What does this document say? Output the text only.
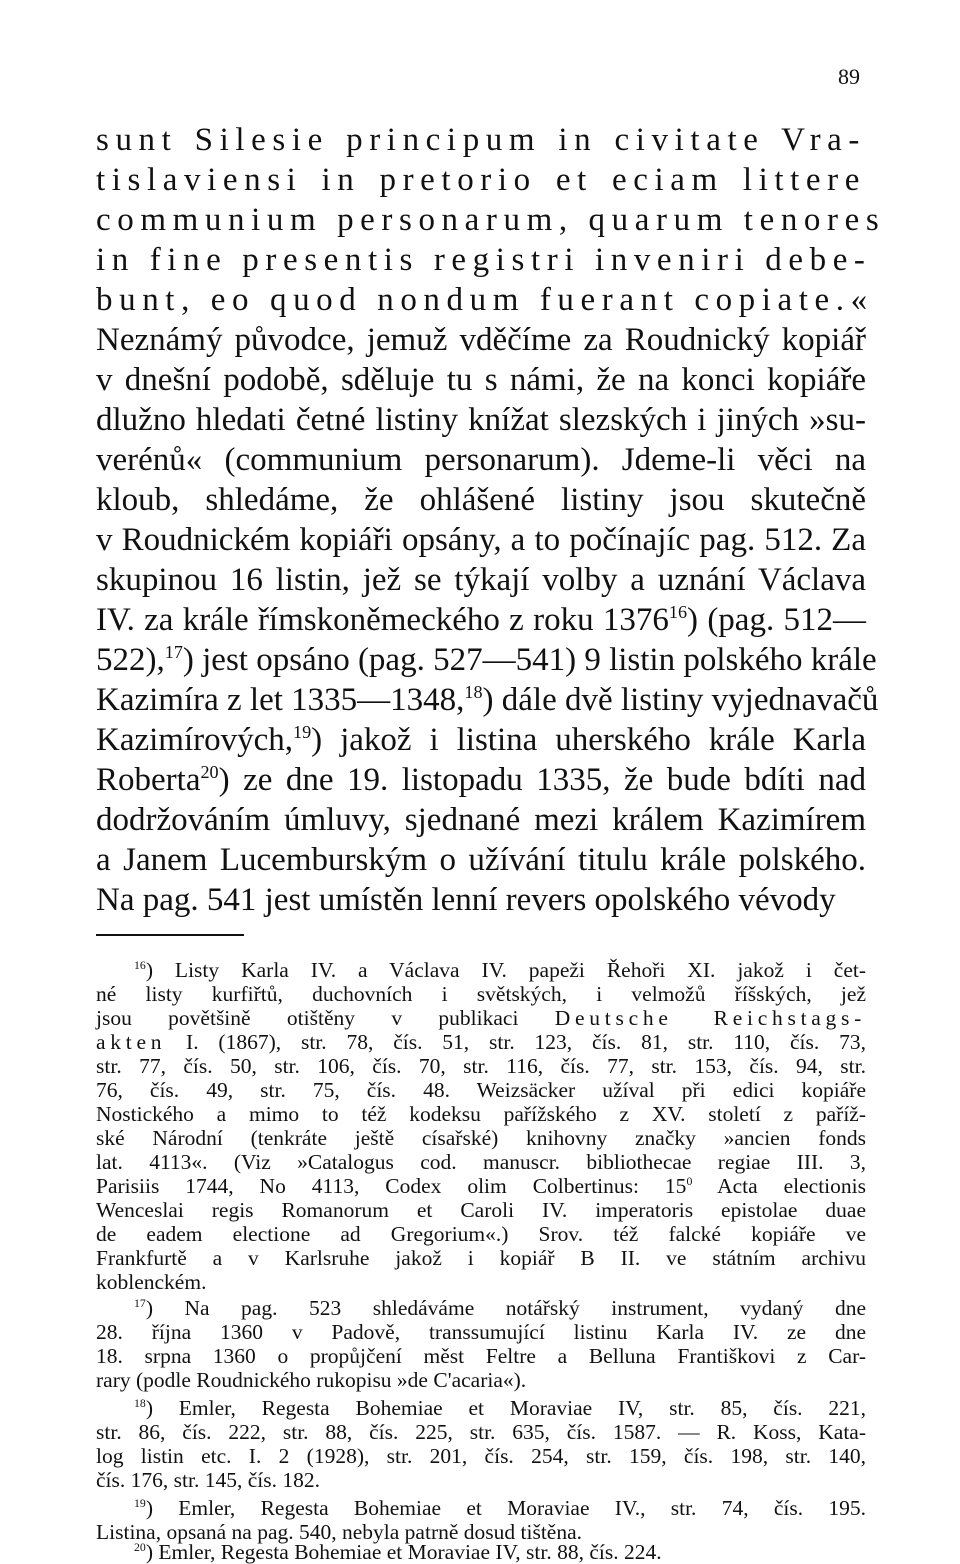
89
sunt Silesie principum in civitate Vra-
tislaviensi in pretorio et eciam littere
communium personarum, quarum tenores
in fine presentis registri inveniri debe-
bunt, eo quod nondum fuerant copiate.«
Neznámý původce, jemuž vděčíme za Roudnický kopiář
v dnešní podobě, sděluje tu s námi, že na konci kopiáře
dlužno hledati četné listiny knížat slezských i jiných »su-
verénů« (communium personarum). Jdeme-li věci na
kloub, shledáme, že ohlášené listiny jsou skutečně
v Roudnickém kopiáři opsány, a to počínajíc pag. 512. Za
skupinou 16 listin, jež se týkají volby a uznání Václava
IV. za krále římskoněmeckého z roku 1376$^{16}$) (pag. 512—
522),$^{17}$) jest opsáno (pag. 527—541) 9 listin polského krále
Kazimíra z let 1335—1348,18) dále dvě listiny vyjednavačů
Kazimírových,$^{19}$) jakož i listina uherského krále Karla
Roberta$^{20}$) ze dne 19. listopadu 1335, že bude bdíti nad
dodržováním úmluvy, sjednané mezi králem Kazimírem
a Janem Lucemburským o užívání titulu krále polského.
Na pag. 541 jest umístěn lenní revers opolského vévody
$^{16}$) Listy Karla IV. a Václava IV. papeži Řehoři XI. jakož i čet-
né listy kurfiřtů, duchovních i světských, i velmožů říšských, jež
jsou povětšině otištěny v publikaci Deutsche Reichstags-
akten I. (1867), str. 78, čís. 51, str. 123, čís. 81, str. 110, čís. 73,
str. 77, čís. 50, str. 106, čís. 70, str. 116, čís. 77, str. 153, čís. 94, str.
76, čís. 49, str. 75, čís. 48. Weizsäcker užíval při edici kopiáře
Nostického a mimo to též kodeksu pařížského z XV. století z paříž-
ské Národní (tenkráte ještě císařské) knihovny značky »ancien fonds
lat. 4113«. (Viz »Catalogus cod. manuscr. bibliothecae regiae III. 3,
Parisiis 1744, No 4113, Codex olim Colbertinus: $15^0$ Acta electionis
Wenceslai regis Romanorum et Caroli IV. imperatoris epistolae duae
de eadem electione ad Gregorium«.) Srov. též falcké kopiáře ve
Frankfurtě a v Karlsruhe jakož i kopiář B II. ve státním archivu
koblenckém.
$^{17}$) Na pag. 523 shledáváme notářský instrument, vydaný dne
28. října 1360 v Padově, transsumující listinu Karla IV. ze dne
18. srpna 1360 o propůjčení měst Feltre a Belluna Františkovi z Car-
rary (podle Roudnického rukopisu »de C'acaria«).
$^{18}$) Emler, Regesta Bohemiae et Moraviae IV, str. 85, čís. 221,
str. 86, čís. 222, str. 88, čís. 225, str. 635, čís. 1587. — R. Koss, Kata-
log listin etc. I. 2 (1928), str. 201, čís. 254, str. 159, čís. 198, str. 140,
čís. 176, str. 145, čís. 182.
$^{19}$) Emler, Regesta Bohemiae et Moraviae IV., str. 74, čís. 195.
Listina, opsaná na pag. 540, nebyla patrně dosud tištěna.
$^{20}$) Emler, Regesta Bohemiae et Moraviae IV, str. 88, čís. 224.
